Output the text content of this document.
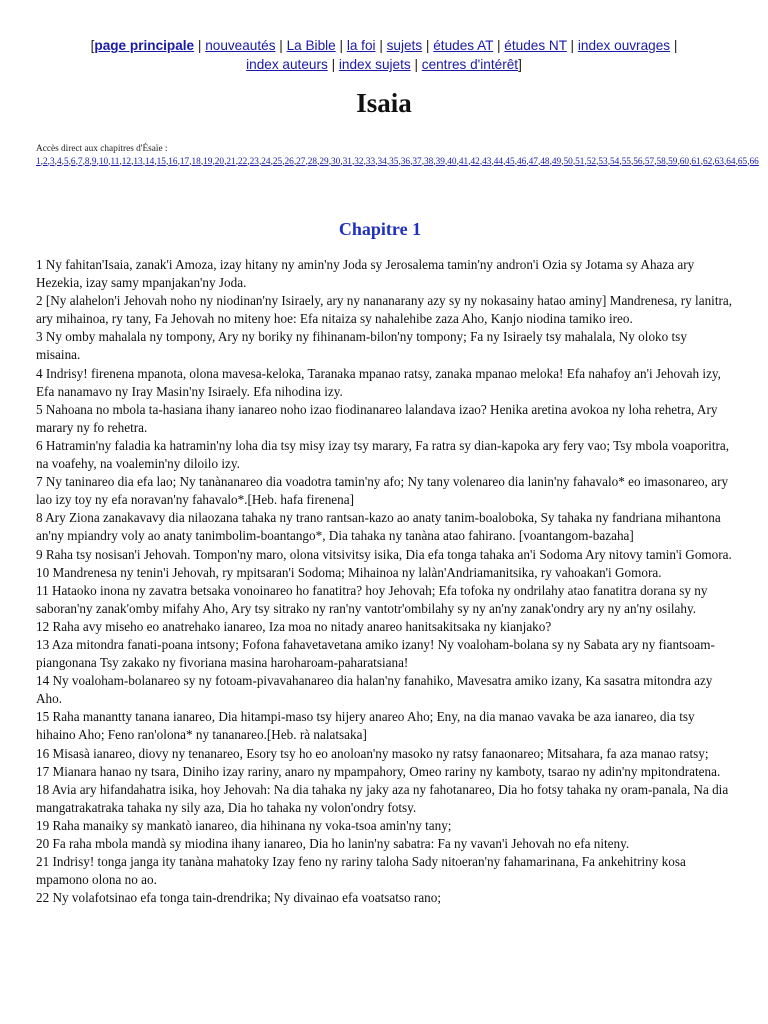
[page principale | nouveautés | La Bible | la foi | sujets | études AT | études NT | index ouvrages |
index auteurs | index sujets | centres d'intérêt]
Isaia
Accès direct aux chapitres d'Ésaïe : 1,2,3,4,5,6,7,8,9,10,11,12,13,14,15,16,17,18,19,20,21,22,23,24,25,26,27,28,29,30,31,32,33,34,35,36,37,38,39,40,41,42,43,44,45,46,47,48,49,50,51,52,53,54,55,56,57,58,59,60,61,62,63,64,65,66
Chapitre 1

1 Ny fahitan'Isaia, zanak'i Amoza, izay hitany ny amin'ny Joda sy Jerosalema tamin'ny andron'i Ozia sy Jotama sy Ahaza ary Hezekia, izay samy mpanjakan'ny Joda.

2 [Ny alahelon'i Jehovah noho ny niodinan'ny Isiraely, ary ny nananarany azy sy ny nokasainy hatao aminy] Mandrenesa, ry lanitra, ary mihainoa, ry tany, Fa Jehovah no miteny hoe: Efa nitaiza sy nahalehibe zaza Aho, Kanjo niodina tamiko ireo.

3 Ny omby mahalala ny tompony, Ary ny boriky ny fihinanam-bilon'ny tompony; Fa ny Isiraely tsy mahalala, Ny oloko tsy misaina.

4 Indrisy! firenena mpanota, olona mavesa-keloka, Taranaka mpanao ratsy, zanaka mpanao meloka! Efa nahafoy an'i Jehovah izy, Efa nanamavo ny Iray Masin'ny Isiraely. Efa nihodina izy.

5 Nahoana no mbola ta-hasiana ihany ianareo noho izao fiodinanareo lalandava izao? Henika aretina avokoa ny loha rehetra, Ary marary ny fo rehetra.

6 Hatramin'ny faladia ka hatramin'ny loha dia tsy misy izay tsy marary, Fa ratra sy dian-kapoka ary fery vao; Tsy mbola voaporitra, na voafehy, na voalemin'ny diloilo izy.

7 Ny taninareo dia efa lao; Ny tanànanareo dia voadotra tamin'ny afo; Ny tany volenareo dia lanin'ny fahavalo* eo imasonareo, ary lao izy toy ny efa noravan'ny fahavalo*.[Heb. hafa firenena]

8 Ary Ziona zanakavavy dia nilaozana tahaka ny trano rantsan-kazo ao anaty tanim-boaloboka, Sy tahaka ny fandriana mihantona an'ny mpiandry voly ao anaty tanimbolim-boantango*, Dia tahaka ny tanàna atao fahirano. [voantangom-bazaha]

9 Raha tsy nosisan'i Jehovah. Tompon'ny maro, olona vitsivitsy isika, Dia efa tonga tahaka an'i Sodoma Ary nitovy tamin'i Gomora.

10 Mandrenesa ny tenin'i Jehovah, ry mpitsaran'i Sodoma; Mihainoa ny lalàn'Andriamanitsika, ry vahoakan'i Gomora.

11 Hataoko inona ny zavatra betsaka vonoinareo ho fanatitra? hoy Jehovah; Efa tofoka ny ondrilahy atao fanatitra dorana sy ny saboran'ny zanak'omby mifahy Aho, Ary tsy sitrako ny ran'ny vantotr'ombilahy sy ny an'ny zanak'ondry ary ny an'ny osilahy.

12 Raha avy miseho eo anatrehako ianareo, Iza moa no nitady anareo hanitsakitsaka ny kianjako?

13 Aza mitondra fanati-poana intsony; Fofona fahavetavetana amiko izany! Ny voaloham-bolana sy ny Sabata ary ny fiantsoam-piangonana Tsy zakako ny fivoriana masina haroharoam-paharatsiana!

14 Ny voaloham-bolanareo sy ny fotoam-pivavahanareo dia halan'ny fanahiko, Mavesatra amiko izany, Ka sasatra mitondra azy Aho.

15 Raha manantty tanana ianareo, Dia hitampi-maso tsy hijery anareo Aho; Eny, na dia manao vavaka be aza ianareo, dia tsy hihaino Aho; Feno ran'olona* ny tananareo.[Heb. rà nalatsaka]

16 Misasà ianareo, diovy ny tenanareo, Esory tsy ho eo anoloan'ny masoko ny ratsy fanaonareo; Mitsahara, fa aza manao ratsy;

17 Mianara hanao ny tsara, Diniho izay rariny, anaro ny mpampahory, Omeo rariny ny kamboty, tsarao ny adin'ny mpitondratena.

18 Avia ary hifandahatra isika, hoy Jehovah: Na dia tahaka ny jaky aza ny fahotanareo, Dia ho fotsy tahaka ny oram-panala, Na dia mangatrakatraka tahaka ny sily aza, Dia ho tahaka ny volon'ondry fotsy.

19 Raha manaiky sy mankatò ianareo, dia hihinana ny voka-tsoa amin'ny tany;

20 Fa raha mbola mandà sy miodina ihany ianareo, Dia ho lanin'ny sabatra: Fa ny vavan'i Jehovah no efa niteny.

21 Indrisy! tonga janga ity tanàna mahatoky Izay feno ny rariny taloha Sady nitoeran'ny fahamarinana, Fa ankehitriny kosa mpamono olona no ao.

22 Ny volafotsinao efa tonga tain-drendrika; Ny divainao efa voatsatso rano;
